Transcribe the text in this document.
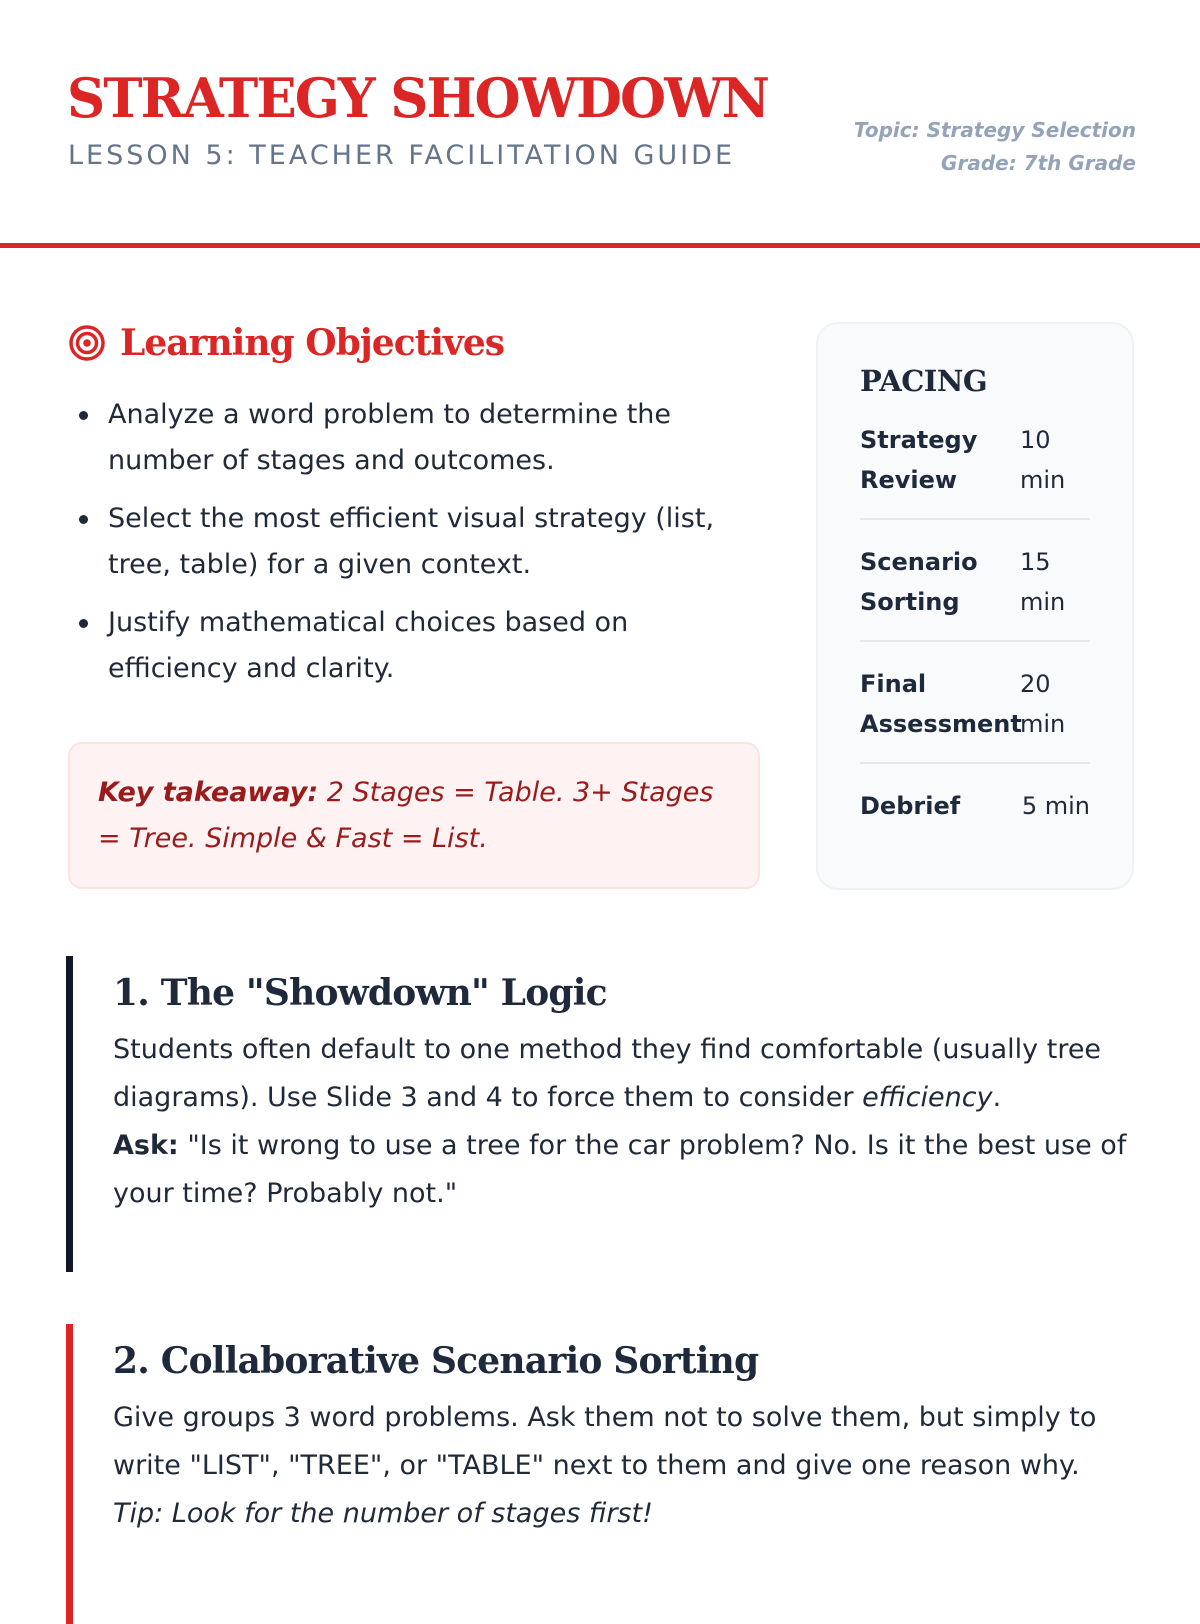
STRATEGY SHOWDOWN
LESSON 5: TEACHER FACILITATION GUIDE
Topic: Strategy Selection
Grade: 7th Grade
Learning Objectives
Analyze a word problem to determine the number of stages and outcomes.
Select the most efficient visual strategy (list, tree, table) for a given context.
Justify mathematical choices based on efficiency and clarity.
Key takeaway: 2 Stages = Table. 3+ Stages = Tree. Simple & Fast = List.
PACING
Strategy Review
10 min
Scenario Sorting
15 min
Final Assessment
20 min
Debrief	5 min
1. The "Showdown" Logic

Students often default to one method they find comfortable (usually tree diagrams). Use Slide 3 and 4 to force them to consider efficiency.
Ask: "Is it wrong to use a tree for the car problem? No. Is it the best use of your time? Probably not."

2. Collaborative Scenario Sorting

Give groups 3 word problems. Ask them not to solve them, but simply to write "LIST", "TREE", or "TABLE" next to them and give one reason why.

Tip: Look for the number of stages first!
